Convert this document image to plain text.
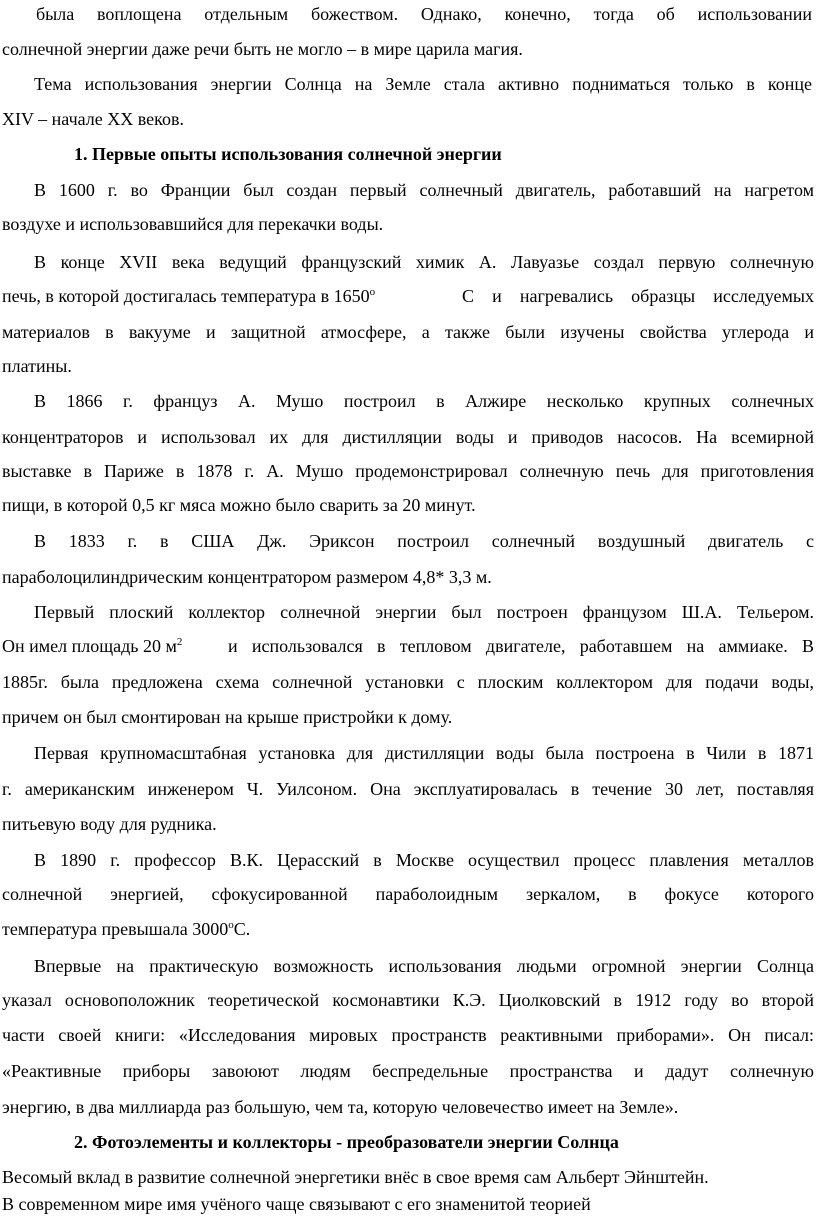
была воплощена отдельным божеством. Однако, конечно, тогда об использовании
солнечной энергии даже речи быть не могло – в мире царила магия.
Тема использования энергии Солнца на Земле стала активно подниматься только в конце
XIV – начале XX веков.
1. Первые опыты использования солнечной энергии
В 1600 г. во Франции был создан первый солнечный двигатель, работавший на нагретом
воздухе и использовавшийся для перекачки воды.
В конце XVII века ведущий французский химик А. Лавуазье создал первую солнечную
печь, в которой достигалась температура в $1650^о$	C и нагревались образцы исследуемых
материалов в вакууме и защитной атмосфере, а также были изучены свойства углерода и
платины.
В 1866 г. француз А. Мушо построил в Алжире несколько крупных солнечных
концентраторов и использовал их для дистилляции воды и приводов насосов. На всемирной
выставке в Париже в 1878 г. А. Мушо продемонстрировал солнечную печь для приготовления
пищи, в которой 0,5 кг мяса можно было сварить за 20 минут.
В 1833 г. в США Дж. Эриксон построил солнечный воздушный двигатель с
параболоцилиндрическим концентратором размером 4,8* 3,3 м.
Первый плоский коллектор солнечной энергии был построен французом Ш.А. Тельером.
Он имел площадь 20 $м^2$	и использовался в тепловом двигателе, работавшем на аммиаке. В
1885г. была предложена схема солнечной установки с плоским коллектором для подачи воды,
причем он был смонтирован на крыше пристройки к дому.
Первая крупномасштабная установка для дистилляции воды была построена в Чили в 1871
г. американским инженером Ч. Уилсоном. Она эксплуатировалась в течение 30 лет, поставляя
питьевую воду для рудника.
В 1890 г. профессор В.К. Церасский в Москве осуществил процесс плавления металлов
солнечной энергией, сфокусированной параболоидным зеркалом, в фокусе которого
температура превышала $3000^оC$.
Впервые на практическую возможность использования людьми огромной энергии Солнца
указал основоположник теоретической космонавтики К.Э. Циолковский в 1912 году во второй
части своей книги: «Исследования мировых пространств реактивными приборами». Он писал:
«Реактивные приборы завоюют людям беспредельные пространства и дадут солнечную
энергию, в два миллиарда раз большую, чем та, которую человечество имеет на Земле».
2. Фотоэлементы и коллекторы - преобразователи энергии Солнца
Весомый вклад в развитие солнечной энергетики внёс в свое время сам Альберт Эйнштейн.
В современном мире имя учёного чаще связывают с его знаменитой теорией
